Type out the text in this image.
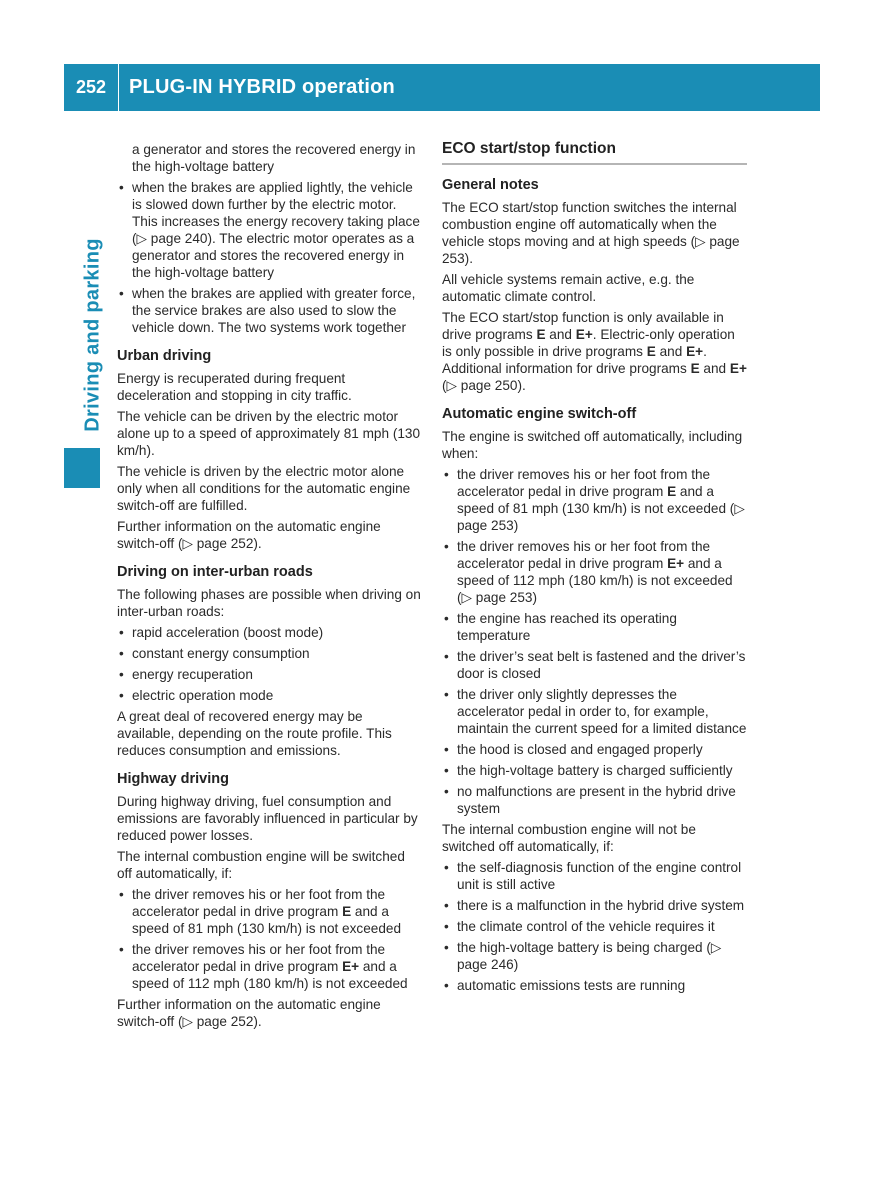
252	PLUG-IN HYBRID operation
Driving and parking

a generator and stores the recovered energy in the high-voltage battery

• when the brakes are applied lightly, the vehicle is slowed down further by the electric motor. This increases the energy recovery taking place (▷ page 240). The electric motor operates as a generator and stores the recovered energy in the high-voltage battery
• when the brakes are applied with greater force, the service brakes are also used to slow the vehicle down. The two systems work together
Urban driving

Energy is recuperated during frequent deceleration and stopping in city traffic.

The vehicle can be driven by the electric motor alone up to a speed of approximately 81 mph (130 km/h).

The vehicle is driven by the electric motor alone only when all conditions for the automatic engine switch-off are fulfilled.

Further information on the automatic engine switch-off (▷ page 252).

Driving on inter-urban roads

The following phases are possible when driving on inter-urban roads:

• rapid acceleration (boost mode)
• constant energy consumption
• energy recuperation
• electric operation mode

A great deal of recovered energy may be available, depending on the route profile. This reduces consumption and emissions.

Highway driving

During highway driving, fuel consumption and emissions are favorably influenced in particular by reduced power losses.

The internal combustion engine will be switched off automatically, if:

• the driver removes his or her foot from the accelerator pedal in drive program E and a speed of 81 mph (130 km/h) is not exceeded
• the driver removes his or her foot from the accelerator pedal in drive program E+ and a speed of 112 mph (180 km/h) is not exceeded

Further information on the automatic engine switch-off (▷ page 252).

ECO start/stop function
General notes

The ECO start/stop function switches the internal combustion engine off automatically when the vehicle stops moving and at high speeds (▷ page 253).

All vehicle systems remain active, e.g. the automatic climate control.

The ECO start/stop function is only available in drive programs E and E+. Electric-only operation is only possible in drive programs E and E+. Additional information for drive programs E and E+ (▷ page 250).

Automatic engine switch-off

The engine is switched off automatically, including when:

• the driver removes his or her foot from the accelerator pedal in drive program E and a speed of 81 mph (130 km/h) is not exceeded (▷ page 253)
• the driver removes his or her foot from the accelerator pedal in drive program E+ and a speed of 112 mph (180 km/h) is not exceeded (▷ page 253)
• the engine has reached its operating temperature
• the driver’s seat belt is fastened and the driver’s door is closed
• the driver only slightly depresses the accelerator pedal in order to, for example, maintain the current speed for a limited distance
• the hood is closed and engaged properly
• the high-voltage battery is charged sufficiently
• no malfunctions are present in the hybrid drive system

The internal combustion engine will not be switched off automatically, if:

• the self-diagnosis function of the engine control unit is still active
• there is a malfunction in the hybrid drive system
• the climate control of the vehicle requires it
• the high-voltage battery is being charged (▷ page 246)
• automatic emissions tests are running
